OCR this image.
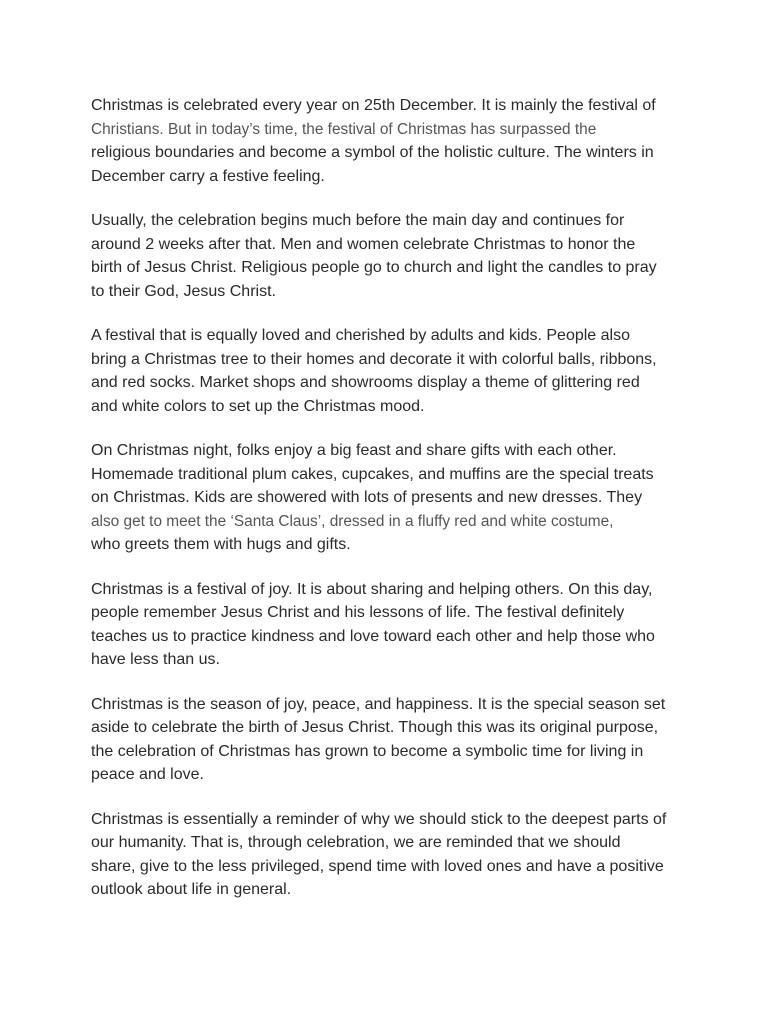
Christmas is celebrated every year on 25th December. It is mainly the festival of
Christians. But in today’s time, the festival of Christmas has surpassed the
religious boundaries and become a symbol of the holistic culture. The winters in
December carry a festive feeling.

Usually, the celebration begins much before the main day and continues for
around 2 weeks after that. Men and women celebrate Christmas to honor the
birth of Jesus Christ. Religious people go to church and light the candles to pray
to their God, Jesus Christ.

A festival that is equally loved and cherished by adults and kids. People also
bring a Christmas tree to their homes and decorate it with colorful balls, ribbons,
and red socks. Market shops and showrooms display a theme of glittering red
and white colors to set up the Christmas mood.

On Christmas night, folks enjoy a big feast and share gifts with each other.
Homemade traditional plum cakes, cupcakes, and muffins are the special treats
on Christmas. Kids are showered with lots of presents and new dresses. They
also get to meet the ‘Santa Claus’, dressed in a fluffy red and white costume,
who greets them with hugs and gifts.

Christmas is a festival of joy. It is about sharing and helping others. On this day,
people remember Jesus Christ and his lessons of life. The festival definitely
teaches us to practice kindness and love toward each other and help those who
have less than us.

Christmas is the season of joy, peace, and happiness. It is the special season set
aside to celebrate the birth of Jesus Christ. Though this was its original purpose,
the celebration of Christmas has grown to become a symbolic time for living in
peace and love.

Christmas is essentially a reminder of why we should stick to the deepest parts of
our humanity. That is, through celebration, we are reminded that we should
share, give to the less privileged, spend time with loved ones and have a positive
outlook about life in general.
